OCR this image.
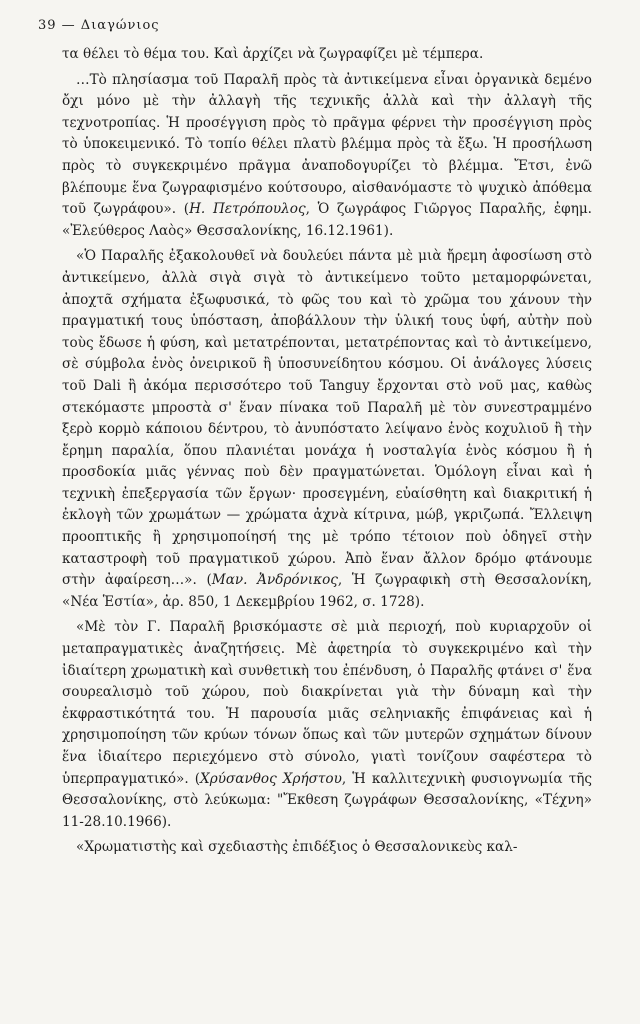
39 — Διαγώνιος

τα θέλει τὸ θέμα του. Καὶ ἀρχίζει νὰ ζωγραφίζει μὲ τέμπερα.

…Τὸ πλησίασμα τοῦ Παραλῆ πρὸς τὰ ἀντικείμενα εἶναι ὀργανικὰ δεμένο ὄχι μόνο μὲ τὴν ἀλλαγὴ τῆς τεχνικῆς ἀλλὰ καὶ τὴν ἀλλαγὴ τῆς τεχνοτροπίας. Ἡ προσέγγιση πρὸς τὸ πρᾶγμα φέρνει τὴν προσέγγιση πρὸς τὸ ὑποκειμενικό. Τὸ τοπίο θέλει πλατὺ βλέμμα πρὸς τὰ ἔξω. Ἡ προσήλωση πρὸς τὸ συγκεκριμένο πρᾶγμα ἀναποδογυρίζει τὸ βλέμμα. Ἔτσι, ἐνῶ βλέπουμε ἕνα ζωγραφισμένο κούτσουρο, αἰσθανόμαστε τὸ ψυχικὸ ἀπόθεμα τοῦ ζωγράφου». (Η. Πετρόπουλος, Ὁ ζωγράφος Γιῶργος Παραλῆς, ἐφημ. «Ἐλεύθερος Λαὸς» Θεσσαλονίκης, 16.12.1961).

«Ὁ Παραλῆς ἐξακολουθεῖ νὰ δουλεύει πάντα μὲ μιὰ ἤρεμη ἀφοσίωση στὸ ἀντικείμενο, ἀλλὰ σιγὰ σιγὰ τὸ ἀντικείμενο τοῦτο μεταμορφώνεται, ἀποχτᾶ σχήματα ἐξωφυσικά, τὸ φῶς του καὶ τὸ χρῶμα του χάνουν τὴν πραγματική τους ὑπόσταση, ἀποβάλλουν τὴν ὑλική τους ὑφή, αὐτὴν ποὺ τοὺς ἔδωσε ἡ φύση, καὶ μετατρέπονται, μετατρέποντας καὶ τὸ ἀντικείμενο, σὲ σύμβολα ἑνὸς ὀνειρικοῦ ἢ ὑποσυνείδητου κόσμου. Οἱ ἀνάλογες λύσεις τοῦ Dali ἢ ἀκόμα περισσότερο τοῦ Tanguy ἔρχονται στὸ νοῦ μας, καθὼς στεκόμαστε μπροστὰ σ' ἕναν πίνακα τοῦ Παραλῆ μὲ τὸν συνεστραμμένο ξερὸ κορμὸ κάποιου δέντρου, τὸ ἀνυπόστατο λείψανο ἑνὸς κοχυλιοῦ ἢ τὴν ἔρημη παραλία, ὅπου πλανιέται μονάχα ἡ νοσταλγία ἑνὸς κόσμου ἢ ἡ προσδοκία μιᾶς γέννας ποὺ δὲν πραγματώνεται. Ὁμόλογη εἶναι καὶ ἡ τεχνικὴ ἐπεξεργασία τῶν ἔργων· προσεγμένη, εὐαίσθητη καὶ διακριτική ἡ ἐκλογὴ τῶν χρωμάτων — χρώματα ἀχνὰ κίτρινα, μώβ, γκριζωπά. Ἔλλειψη προοπτικῆς ἢ χρησιμοποίησή της μὲ τρόπο τέτοιον ποὺ ὁδηγεῖ στὴν καταστροφὴ τοῦ πραγματικοῦ χώρου. Ἀπὸ ἕναν ἄλλον δρόμο φτάνουμε στὴν ἀφαίρεση…». (Μαν. Ἀνδρόνικος, Ἡ ζωγραφικὴ στὴ Θεσσαλονίκη, «Νέα Ἑστία», ἀρ. 850, 1 Δεκεμβρίου 1962, σ. 1728).

«Μὲ τὸν Γ. Παραλῆ βρισκόμαστε σὲ μιὰ περιοχή, ποὺ κυριαρχοῦν οἱ μεταπραγματικὲς ἀναζητήσεις. Μὲ ἀφετηρία τὸ συγκεκριμένο καὶ τὴν ἰδιαίτερη χρωματικὴ καὶ συνθετικὴ του ἐπένδυση, ὁ Παραλῆς φτάνει σ' ἕνα σουρεαλισμὸ τοῦ χώρου, ποὺ διακρίνεται γιὰ τὴν δύναμη καὶ τὴν ἐκφραστικότητά του. Ἡ παρουσία μιᾶς σεληνιακῆς ἐπιφάνειας καὶ ἡ χρησιμοποίηση τῶν κρύων τόνων ὅπως καὶ τῶν μυτερῶν σχημάτων δίνουν ἕνα ἰδιαίτερο περιεχόμενο στὸ σύνολο, γιατὶ τονίζουν σαφέστερα τὸ ὑπερπραγματικό». (Χρύσανθος Χρήστου, Ἡ καλλιτεχνικὴ φυσιογνωμία τῆς Θεσσαλονίκης, στὸ λεύκωμα: "Ἔκθεση ζωγράφων Θεσσαλονίκης, «Τέχνη» 11-28.10.1966).

«Χρωματιστὴς καὶ σχεδιαστὴς ἐπιδέξιος ὁ Θεσσαλονικεὺς καλ-
